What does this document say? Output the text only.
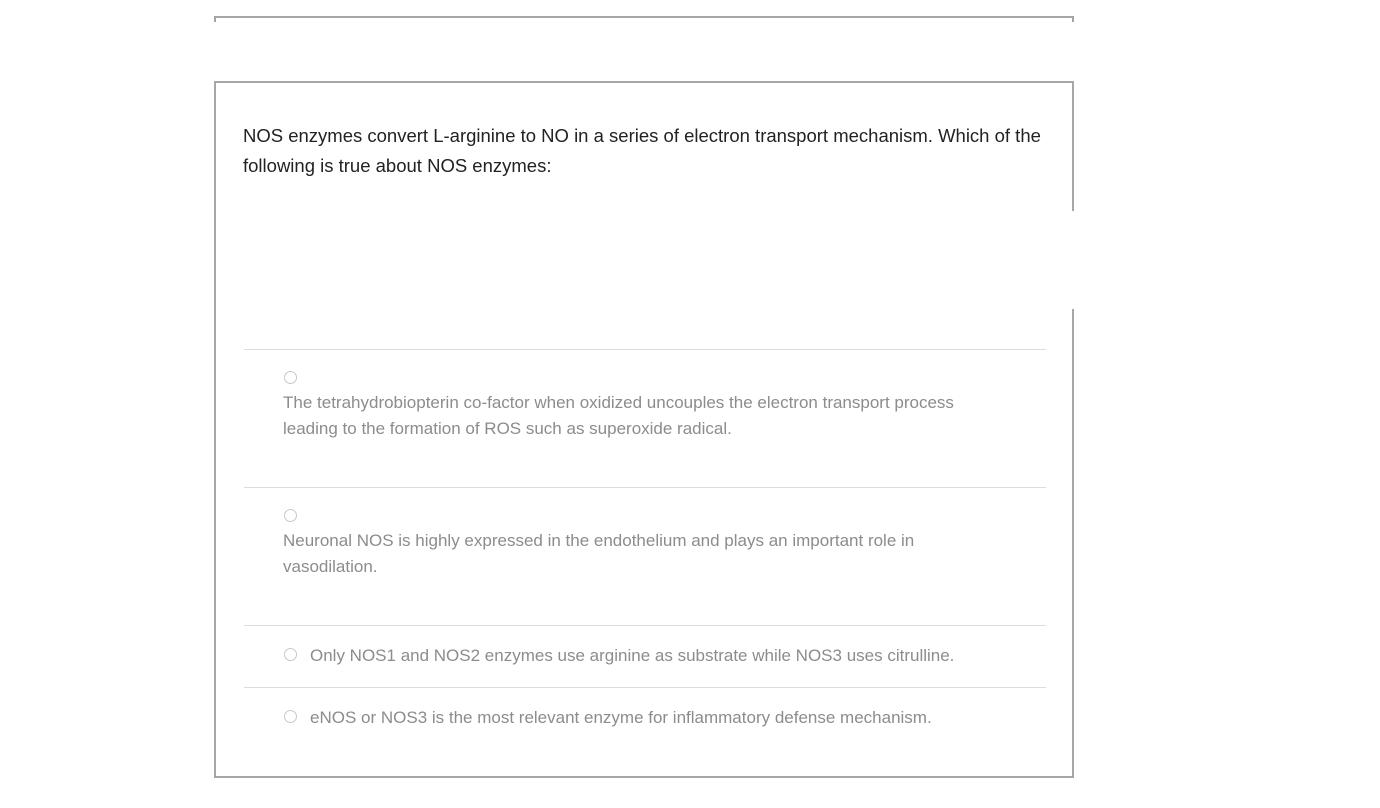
NOS enzymes convert L-arginine to NO in a series of electron transport mechanism. Which of the following is true about NOS enzymes:

The tetrahydrobiopterin co-factor when oxidized uncouples the electron transport process leading to the formation of ROS such as superoxide radical.
Neuronal NOS is highly expressed in the endothelium and plays an important role in vasodilation.
Only NOS1 and NOS2 enzymes use arginine as substrate while NOS3 uses citrulline.
eNOS or NOS3 is the most relevant enzyme for inflammatory defense mechanism.
